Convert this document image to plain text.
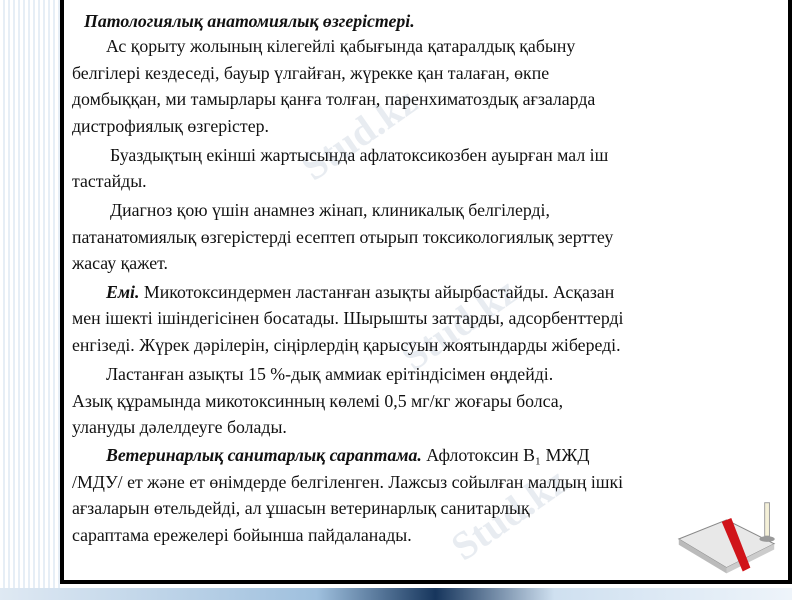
Stud.kz
Stud.kz
Stud.kz
Патологиялық анатомиялық өзгерістері.
Ас қорыту жолының кілегейлі қабығында қатаралдық қабыну
белгілері кездеседі, бауыр үлгайған, жүрекке қан талаған, өкпе
домбыққан, ми тамырлары қанға толған, паренхиматоздық ағзаларда
дистрофиялық өзгерістер.
Буаздықтың екінші жартысында афлатоксикозбен ауырған мал іш
тастайды.
Диагноз қою үшін анамнез жінап, клиникалық белгілерді,
патанатомиялық өзгерістерді есептеп отырып токсикологиялық зерттеу
жасау қажет.
Емі. Микотоксиндермен ластанған азықты айырбастайды. Асқазан
мен ішекті ішіндегісінен босатады. Шырышты заттарды, адсорбенттерді
енгізеді. Жүрек дәрілерін, сіңірлердің қарысуын жоятындарды жібереді.
Ластанған азықты 15 %-дық аммиак ерітіндісімен өңдейді.
Азық құрамында микотоксинның көлемі 0,5 мг/кг жоғары болса,
улануды дәлелдеуге болады.
Ветеринарлық санитарлық сараптама. Афлотоксин В₁ МЖД
/МДУ/ ет және ет өнімдерде белгіленген. Лажсыз сойылған малдың ішкі
ағзаларын өтельдейді, ал ұшасын ветеринарлық санитарлық
сараптама ережелері бойынша пайдаланады.
